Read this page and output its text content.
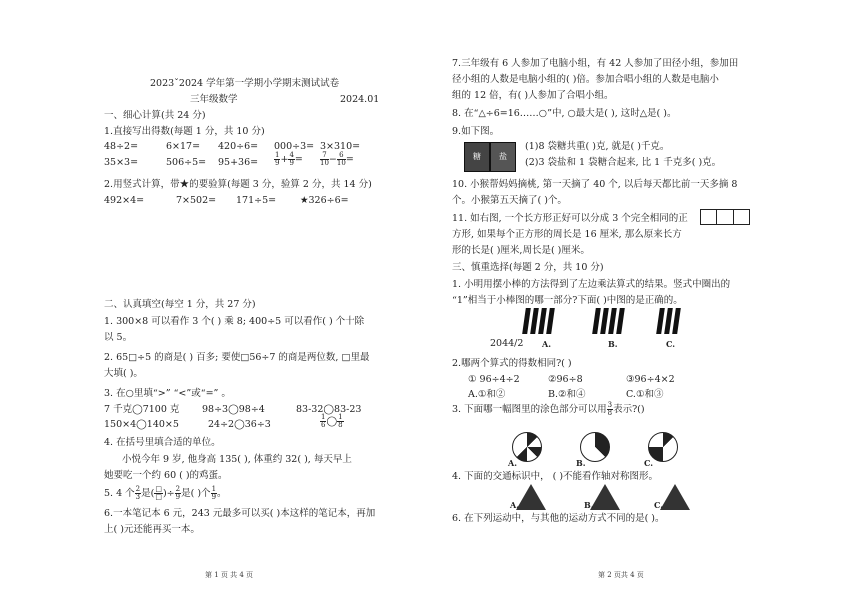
2023ˇ2024 学年第一学期小学期末测试试卷
三年级数学	2024.01
一、细心计算(共 24 分)
1.直接写出得数(每题 1 分，共 10 分)
48÷2=	6×17= 420÷6= 000÷3= 3×310=
35×3=	$506\div 5= 95+36= \frac{1}{9} + \frac{4}{9} = \frac{7}{10} - \frac{6}{10}$ =
2.用竖式计算，带★的要验算(每题 3 分，验算 2 分，共 14 分)
492×4=	7×502= 171÷5=	★326÷6=
二、认真填空(每空 1 分，共 27 分)
1. 300×8 可以看作 3 个( ) 乘 8; 400÷5 可以看作( ) 个十除
以 5。
2. 65□÷5 的商是( ) 百多; 要使□56÷7 的商是两位数, □里最
大填( )。
3. 在○里填“>” “<”或“=” 。
7 千克◯7100 克 98÷3◯98÷4	83-32◯83-23
150×4◯140×5	24÷2◯36÷3	$\frac{1}{6}$ ◯ $\frac{1}{8}$
4. 在括号里填合适的单位。
小悦今年 9 岁, 他身高 135( ), 体重约 32( ), 每天早上
她要吃一个约 60 ( )的鸡蛋。
5. 4 个 $\frac{2}{3}$ 是( $\frac{□}{□}$ )÷ $\frac{2}{9}$ 是( )个 $\frac{1}{9}$ 。
6.一本笔记本 6 元，243 元最多可以买( )本这样的笔记本，再加
上( )元还能再买一本。
第 1 页 共 4 页
7.三年级有 6 人参加了电脑小组，有 42 人参加了田径小组，参加田
径小组的人数是电脑小组的( )倍。参加合唱小组的人数是电脑小
组的 12 倍，有( )人参加了合唱小组。
8. 在“△÷6=16……○”中, ○最大是( ), 这时△是( )。
9.如下图。
糖	盐
(1)8 袋糖共重( )克, 就是( )千克。
(2)3 袋盐和 1 袋糖合起来, 比 1 千克多( )克。
10. 小猴帮妈妈摘桃, 第一天摘了 40 个, 以后每天都比前一天多摘 8
个。小猴第五天摘了( )个。
11. 如右图, 一个长方形正好可以分成 3 个完全相同的正
方形, 如果每个正方形的周长是 16 厘米, 那么原来长方
形的长是( )厘米,周长是( )厘米。
三、慎重选择(每题 2 分，共 10 分)
1. 小明用摆小棒的方法得到了左边乘法算式的结果。竖式中圈出的
“1”相当于小棒图的哪一部分?下面( )中图的是正确的。
2044/2 A.	B.	C.
2.哪两个算式的得数相同?( )
① 96÷4÷2	②96÷8	③96÷4×2
A.①和②	B.②和④	C.①和③
3. 下面哪一幅图里的涂色部分可以用 $\frac{3}{8}$ 表示?()
A.	B.	C.
4. 下面的交通标识中， ( )不能看作轴对称图形。
A.	B.	C.
6. 在下列运动中，与其他的运动方式不同的是( )。
第 2 页共 4 页
